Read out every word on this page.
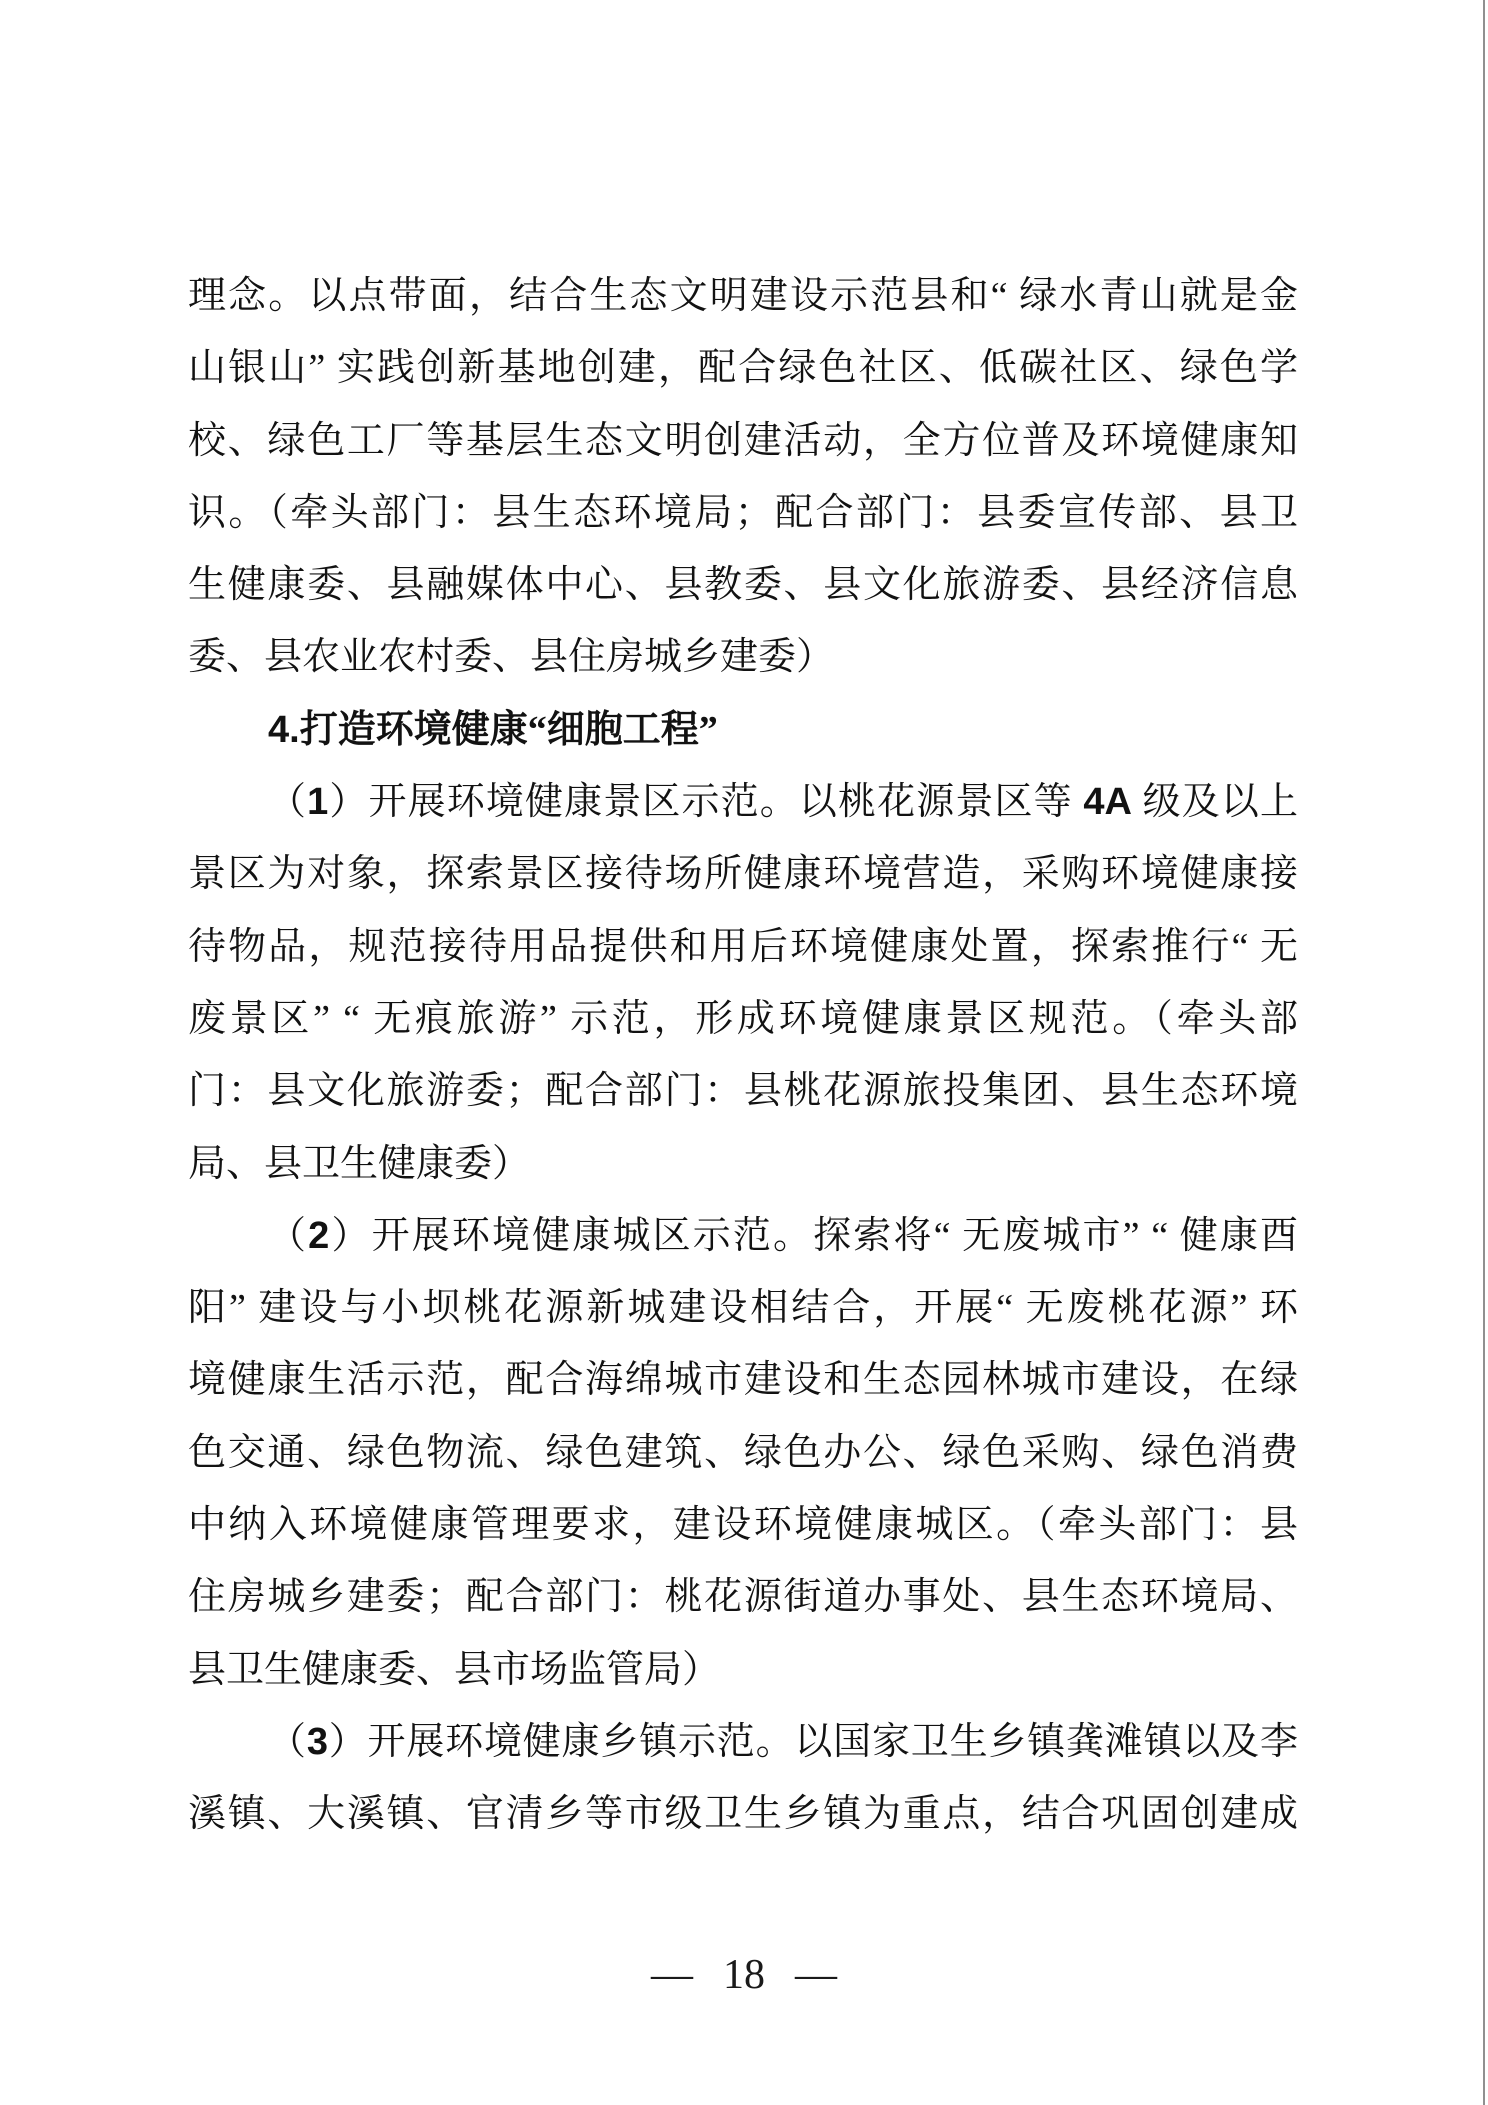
理念。以点带面，结合生态文明建设示范县和“ 绿水青山就是金
山银山” 实践创新基地创建，配合绿色社区、低碳社区、绿色学
校、绿色工厂等基层生态文明创建活动，全方位普及环境健康知
识。（牵头部门：县生态环境局；配合部门：县委宣传部、县卫
生健康委、县融媒体中心、县教委、县文化旅游委、县经济信息
委、县农业农村委、县住房城乡建委）
4.打造环境健康“细胞工程”
（1）开展环境健康景区示范。以桃花源景区等 4A 级及以上
景区为对象，探索景区接待场所健康环境营造，采购环境健康接
待物品，规范接待用品提供和用后环境健康处置，探索推行“ 无
废景区” “ 无痕旅游” 示范，形成环境健康景区规范。（牵头部
门：县文化旅游委；配合部门：县桃花源旅投集团、县生态环境
局、县卫生健康委）
（2）开展环境健康城区示范。探索将“ 无废城市” “ 健康酉
阳” 建设与小坝桃花源新城建设相结合，开展“ 无废桃花源” 环
境健康生活示范，配合海绵城市建设和生态园林城市建设，在绿
色交通、绿色物流、绿色建筑、绿色办公、绿色采购、绿色消费
中纳入环境健康管理要求，建设环境健康城区。（牵头部门：县
住房城乡建委；配合部门：桃花源街道办事处、县生态环境局、
县卫生健康委、县市场监管局）
（3）开展环境健康乡镇示范。以国家卫生乡镇龚滩镇以及李
溪镇、大溪镇、官清乡等市级卫生乡镇为重点，结合巩固创建成
— 18 —
